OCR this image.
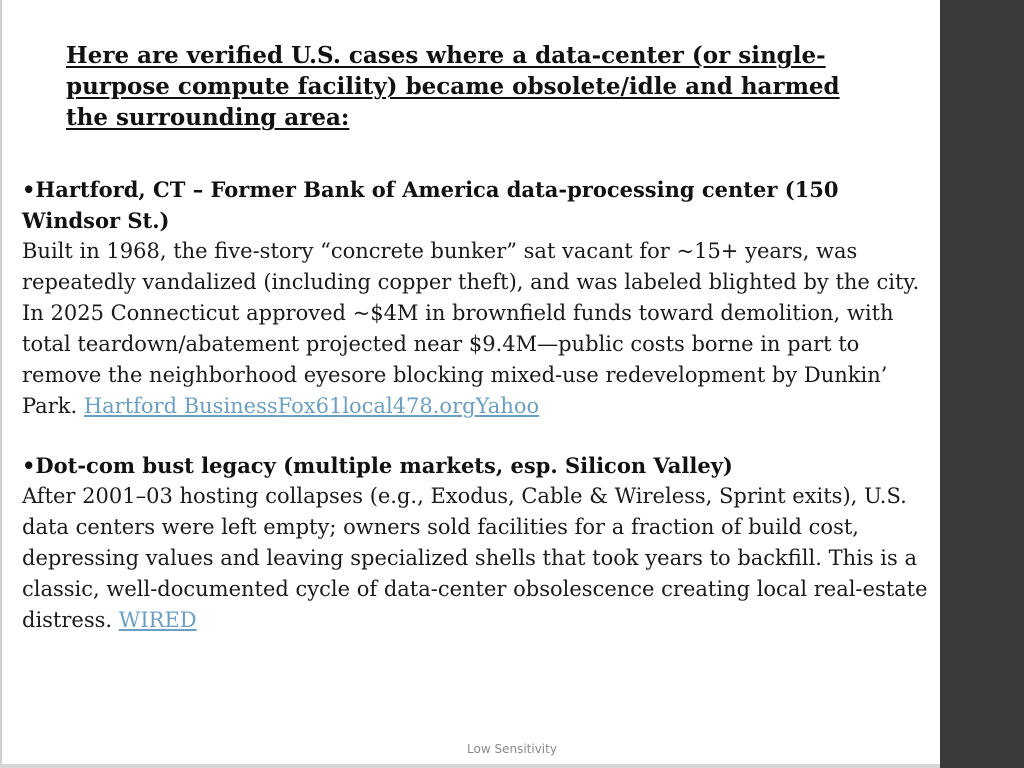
Here are verified U.S. cases where a data-center (or single-purpose compute facility) became obsolete/idle and harmed the surrounding area:

•Hartford, CT – Former Bank of America data-processing center (150 Windsor St.)
Built in 1968, the five-story “concrete bunker” sat vacant for ~15+ years, was repeatedly vandalized (including copper theft), and was labeled blighted by the city. In 2025 Connecticut approved ~$4M in brownfield funds toward demolition, with total teardown/abatement projected near $9.4M—public costs borne in part to remove the neighborhood eyesore blocking mixed-use redevelopment by Dunkin’ Park. Hartford BusinessFox61local478.orgYahoo
•Dot-com bust legacy (multiple markets, esp. Silicon Valley)
After 2001–03 hosting collapses (e.g., Exodus, Cable & Wireless, Sprint exits), U.S. data centers were left empty; owners sold facilities for a fraction of build cost, depressing values and leaving specialized shells that took years to backfill. This is a classic, well-documented cycle of data-center obsolescence creating local real-estate distress. WIRED
Low Sensitivity
